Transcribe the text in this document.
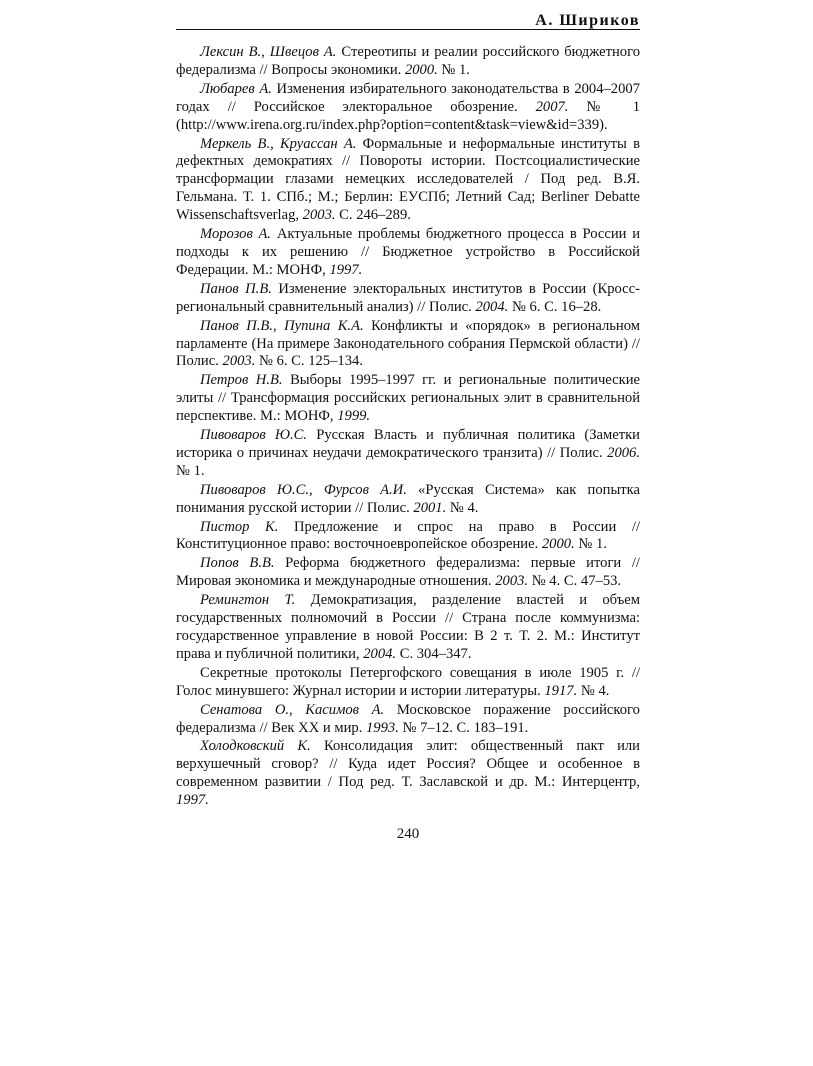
А. Шириков

Лексин В., Швецов А. Стереотипы и реалии российского бюджетного федерализма // Вопросы экономики. 2000. № 1.

Любарев А. Изменения избирательного законодательства в 2004–2007 годах // Российское электоральное обозрение. 2007. № 1 (http://www.irena.org.ru/index.php?option=content&task=view&id=339).

Меркель В., Круассан А. Формальные и неформальные институты в дефектных демократиях // Повороты истории. Постсоциалистические трансформации глазами немецких исследователей / Под ред. В.Я. Гельмана. Т. 1. СПб.; М.; Берлин: ЕУСПб; Летний Сад; Berliner Debatte Wissenschaftsverlag, 2003. С. 246–289.

Морозов А. Актуальные проблемы бюджетного процесса в России и подходы к их решению // Бюджетное устройство в Российской Федерации. М.: МОНФ, 1997.

Панов П.В. Изменение электоральных институтов в России (Кросс-региональный сравнительный анализ) // Полис. 2004. № 6. С. 16–28.

Панов П.В., Пупина К.А. Конфликты и «порядок» в региональном парламенте (На примере Законодательного собрания Пермской области) // Полис. 2003. № 6. С. 125–134.

Петров Н.В. Выборы 1995–1997 гг. и региональные политические элиты // Трансформация российских региональных элит в сравнительной перспективе. М.: МОНФ, 1999.

Пивоваров Ю.С. Русская Власть и публичная политика (Заметки историка о причинах неудачи демократического транзита) // Полис. 2006. № 1.

Пивоваров Ю.С., Фурсов А.И. «Русская Система» как попытка понимания русской истории // Полис. 2001. № 4.

Пистор К. Предложение и спрос на право в России // Конституционное право: восточноевропейское обозрение. 2000. № 1.

Попов В.В. Реформа бюджетного федерализма: первые итоги // Мировая экономика и международные отношения. 2003. № 4. С. 47–53.

Ремингтон Т. Демократизация, разделение властей и объем государственных полномочий в России // Страна после коммунизма: государственное управление в новой России: В 2 т. Т. 2. М.: Институт права и публичной политики, 2004. С. 304–347.

Секретные протоколы Петергофского совещания в июле 1905 г. // Голос минувшего: Журнал истории и истории литературы. 1917. № 4.

Сенатова О., Касимов А. Московское поражение российского федерализма // Век XX и мир. 1993. № 7–12. С. 183–191.

Холодковский К. Консолидация элит: общественный пакт или верхушечный сговор? // Куда идет Россия? Общее и особенное в современном развитии / Под ред. Т. Заславской и др. М.: Интерцентр, 1997.

240
